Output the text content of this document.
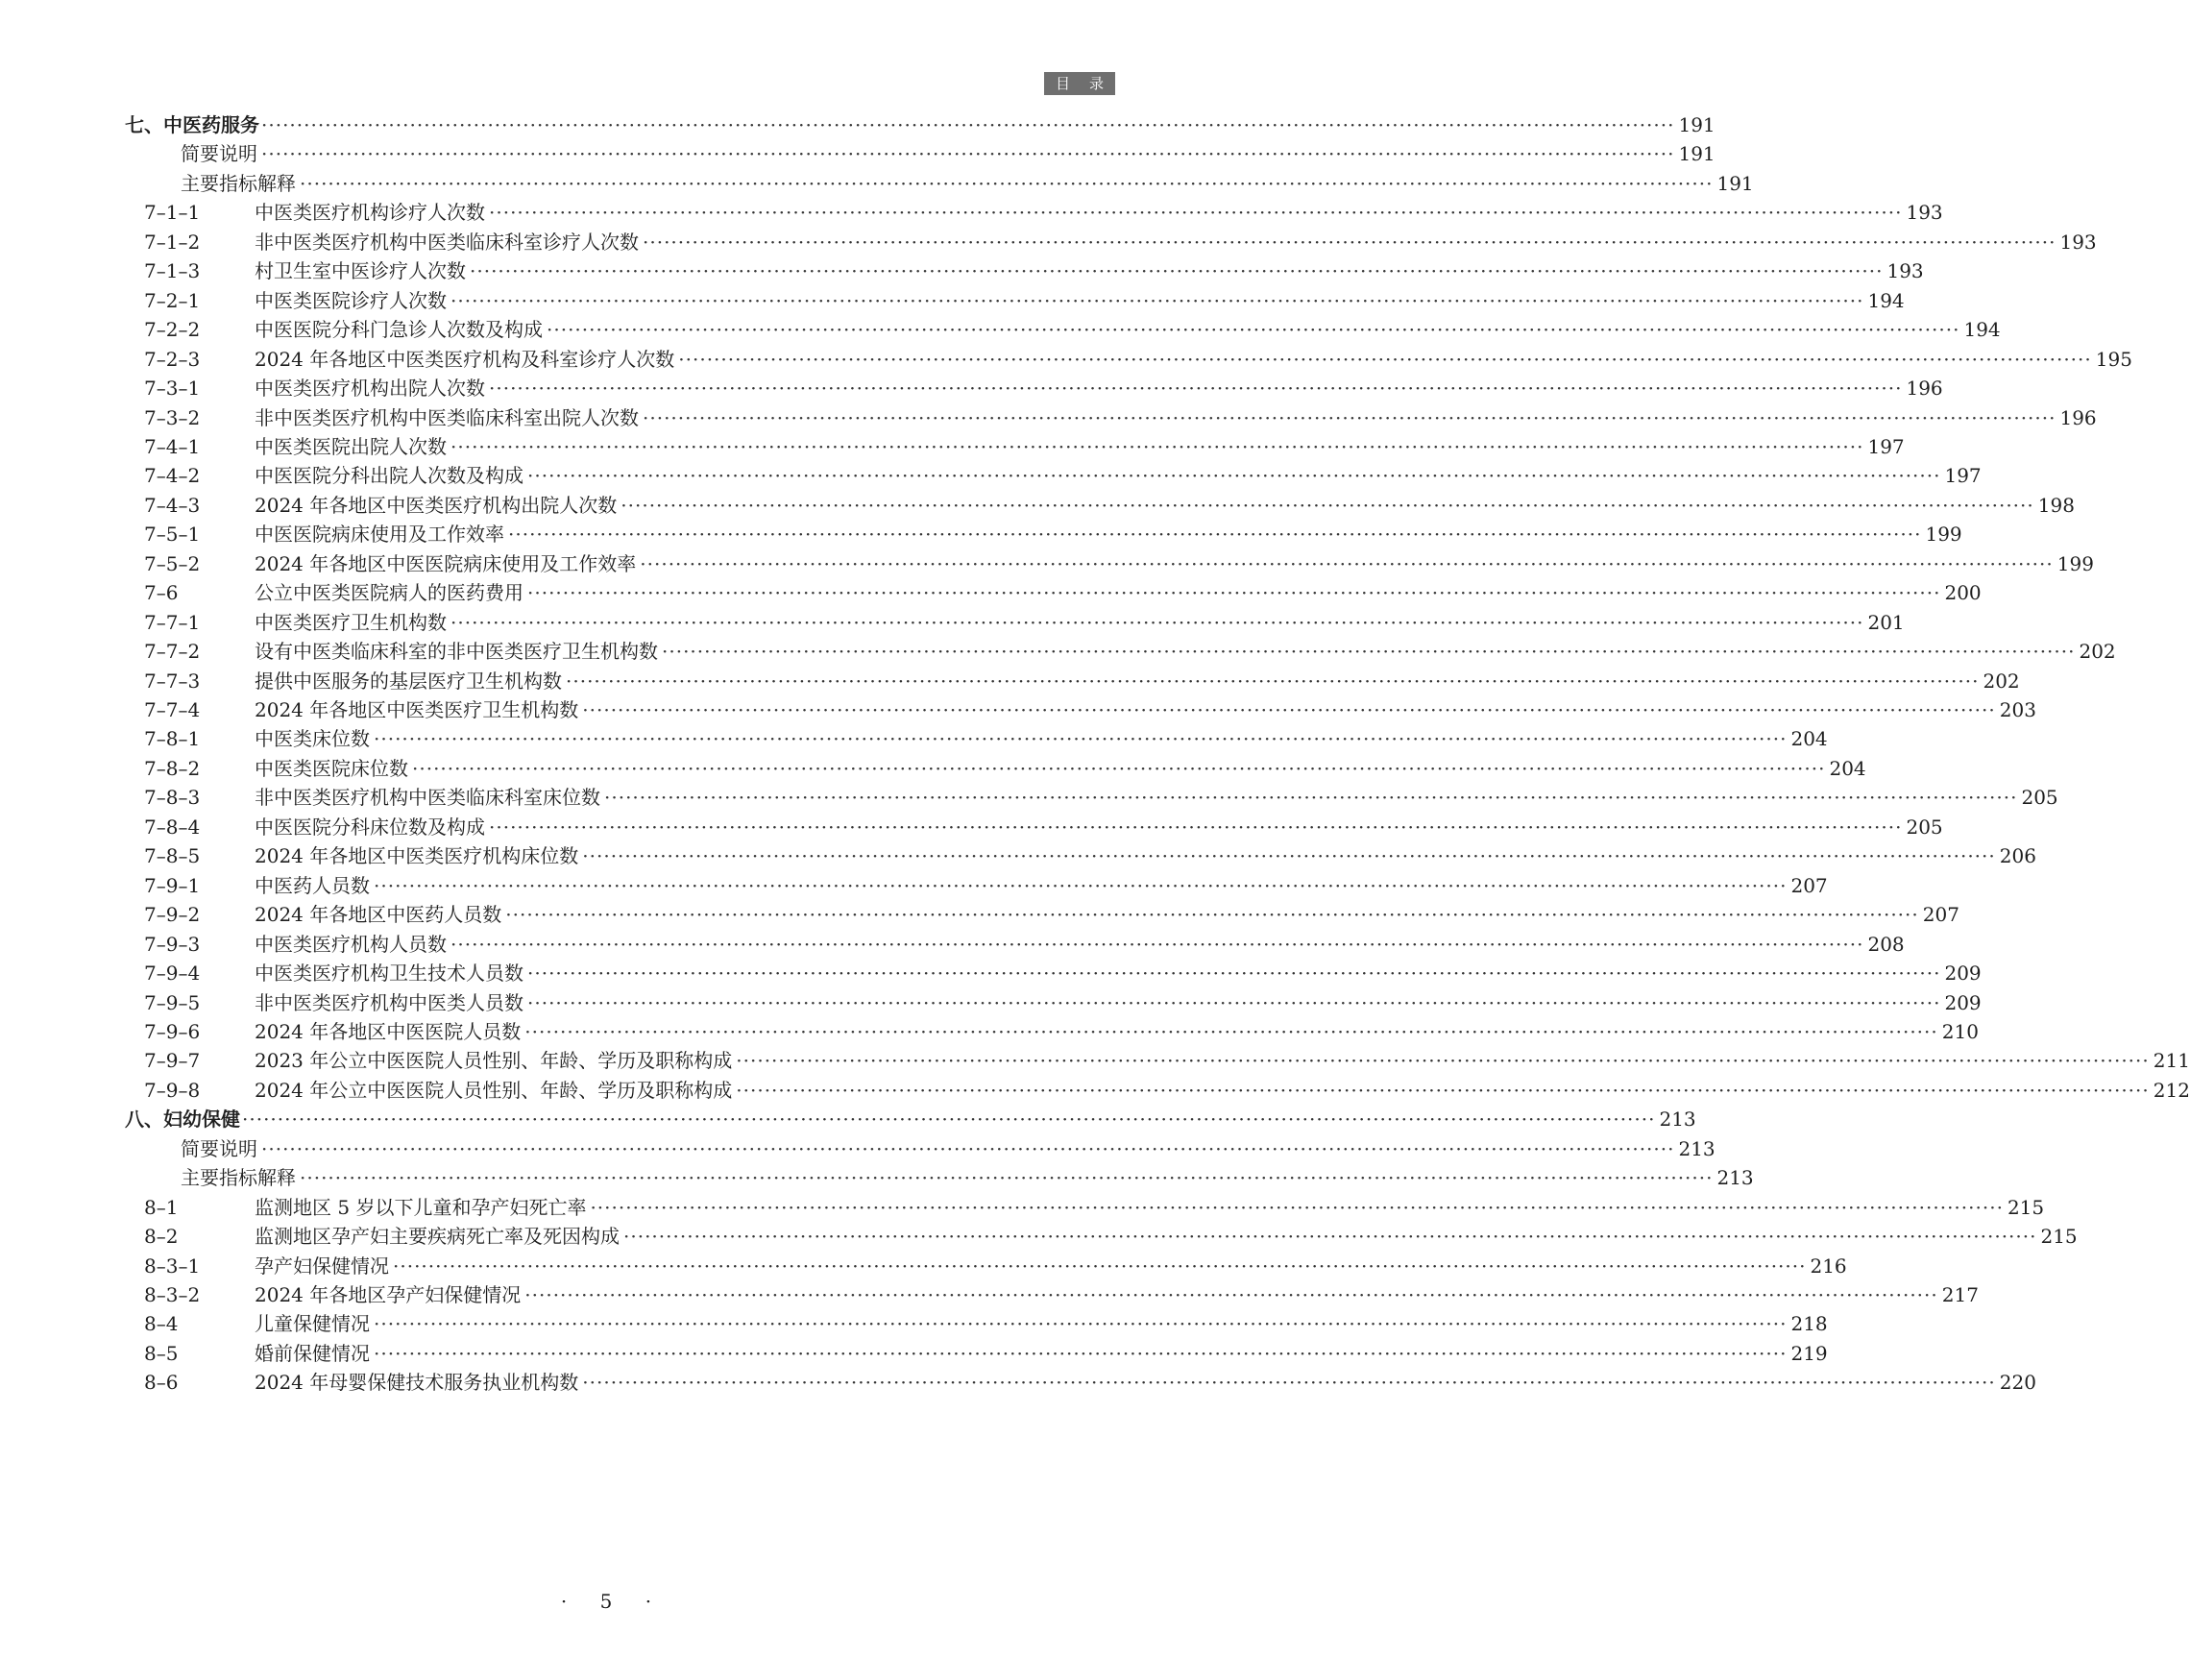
目 录
七、中医药服务 ········································································································································································································ 191
简要说明 ········································································································································································································ 191
主要指标解释 ········································································································································································································ 191
7–1–1	中医类医疗机构诊疗人次数 ········································································································································································································ 193
7–1–2	非中医类医疗机构中医类临床科室诊疗人次数 ········································································································································································································ 193
7–1–3	村卫生室中医诊疗人次数 ········································································································································································································ 193
7–2–1	中医类医院诊疗人次数 ········································································································································································································ 194
7–2–2	中医医院分科门急诊人次数及构成 ········································································································································································································ 194
7–2–3	2024 年各地区中医类医疗机构及科室诊疗人次数 ········································································································································································································ 195
7–3–1	中医类医疗机构出院人次数 ········································································································································································································ 196
7–3–2	非中医类医疗机构中医类临床科室出院人次数 ········································································································································································································ 196
7–4–1	中医类医院出院人次数 ········································································································································································································ 197
7–4–2	中医医院分科出院人次数及构成 ········································································································································································································ 197
7–4–3	2024 年各地区中医类医疗机构出院人次数 ········································································································································································································ 198
7–5–1	中医医院病床使用及工作效率 ········································································································································································································ 199
7–5–2	2024 年各地区中医医院病床使用及工作效率 ········································································································································································································ 199
7–6	公立中医类医院病人的医药费用 ········································································································································································································ 200
7–7–1	中医类医疗卫生机构数 ········································································································································································································ 201
7–7–2	设有中医类临床科室的非中医类医疗卫生机构数 ········································································································································································································ 202
7–7–3	提供中医服务的基层医疗卫生机构数 ········································································································································································································ 202
7–7–4	2024 年各地区中医类医疗卫生机构数 ········································································································································································································ 203
7–8–1	中医类床位数 ········································································································································································································ 204
7–8–2	中医类医院床位数 ········································································································································································································ 204
7–8–3	非中医类医疗机构中医类临床科室床位数 ········································································································································································································ 205
7–8–4	中医医院分科床位数及构成 ········································································································································································································ 205
7–8–5	2024 年各地区中医类医疗机构床位数 ········································································································································································································ 206
7–9–1	中医药人员数 ········································································································································································································ 207
7–9–2	2024 年各地区中医药人员数 ········································································································································································································ 207
7–9–3	中医类医疗机构人员数 ········································································································································································································ 208
7–9–4	中医类医疗机构卫生技术人员数 ········································································································································································································ 209
7–9–5	非中医类医疗机构中医类人员数 ········································································································································································································ 209
7–9–6	2024 年各地区中医医院人员数 ········································································································································································································ 210
7–9–7	2023 年公立中医医院人员性别、年龄、学历及职称构成 ········································································································································································································ 211
7–9–8	2024 年公立中医医院人员性别、年龄、学历及职称构成 ········································································································································································································ 212
八、妇幼保健 ········································································································································································································ 213
简要说明 ········································································································································································································ 213
主要指标解释 ········································································································································································································ 213
8–1	监测地区 5 岁以下儿童和孕产妇死亡率 ········································································································································································································ 215
8–2	监测地区孕产妇主要疾病死亡率及死因构成 ········································································································································································································ 215
8–3–1	孕产妇保健情况 ········································································································································································································ 216
8–3–2	2024 年各地区孕产妇保健情况 ········································································································································································································ 217
8–4	儿童保健情况 ········································································································································································································ 218
8–5	婚前保健情况 ········································································································································································································ 219
8–6	2024 年母婴保健技术服务执业机构数 ········································································································································································································ 220
· 5 ·
